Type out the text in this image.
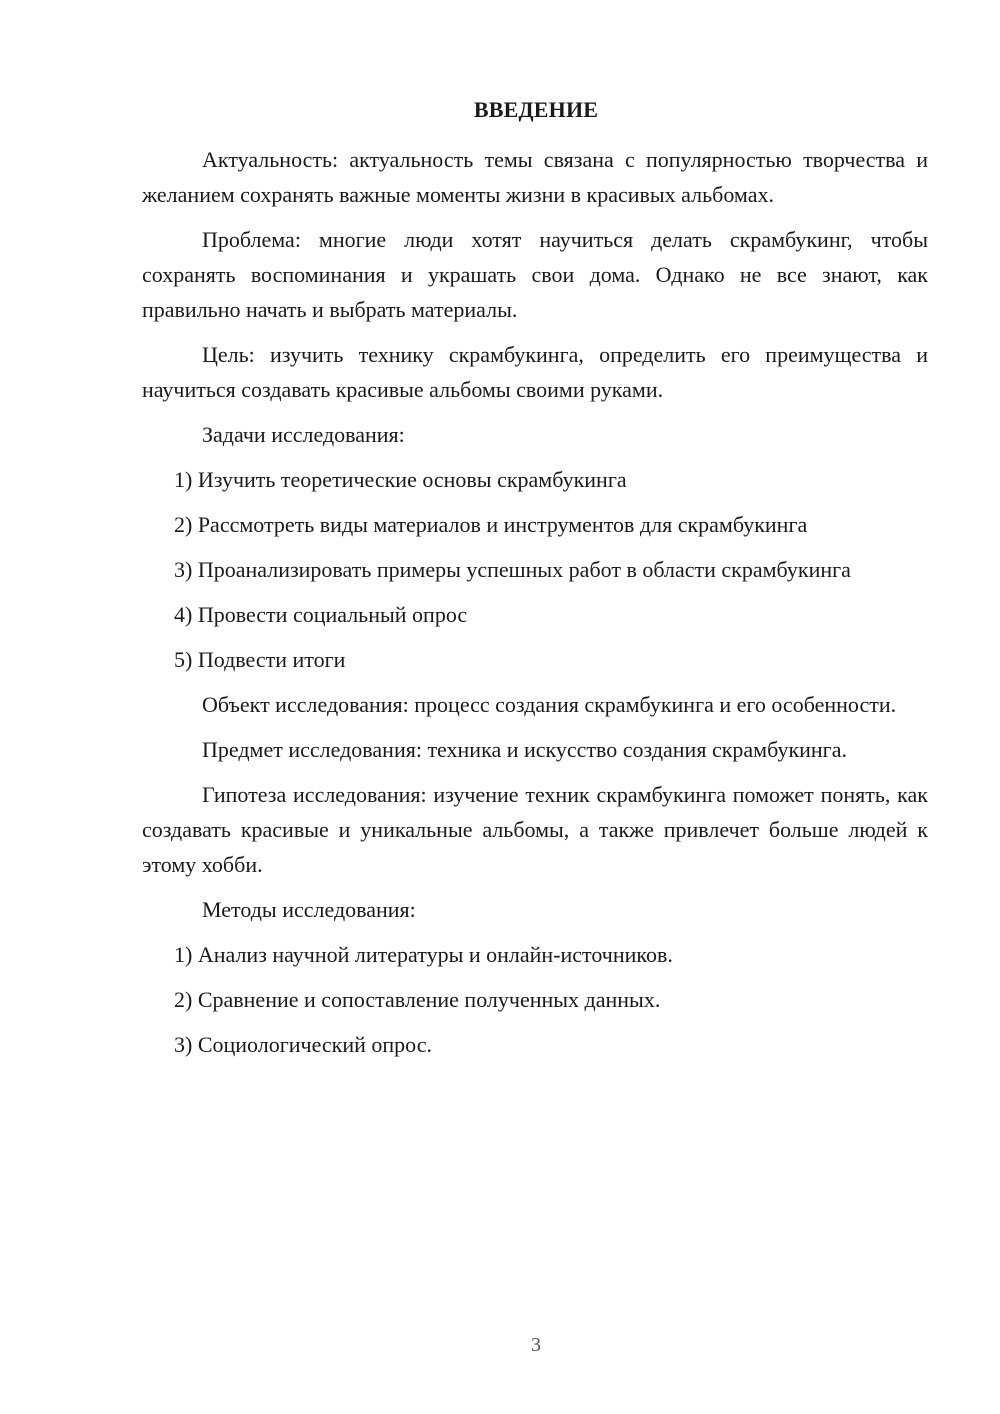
ВВЕДЕНИЕ

Актуальность: актуальность темы связана с популярностью творчества и желанием сохранять важные моменты жизни в красивых альбомах.

Проблема: многие люди хотят научиться делать скрамбукинг, чтобы сохранять воспоминания и украшать свои дома. Однако не все знают, как правильно начать и выбрать материалы.

Цель: изучить технику скрамбукинга, определить его преимущества и научиться создавать красивые альбомы своими руками.

Задачи исследования:

1) Изучить теоретические основы скрамбукинга

2) Рассмотреть виды материалов и инструментов для скрамбукинга

3) Проанализировать примеры успешных работ в области скрамбукинга

4) Провести социальный опрос

5) Подвести итоги

Объект исследования: процесс создания скрамбукинга и его особенности.

Предмет исследования: техника и искусство создания скрамбукинга.

Гипотеза исследования: изучение техник скрамбукинга поможет понять, как создавать красивые и уникальные альбомы, а также привлечет больше людей к этому хобби.

Методы исследования:

1) Анализ научной литературы и онлайн-источников.

2) Сравнение и сопоставление полученных данных.

3) Социологический опрос.

3
